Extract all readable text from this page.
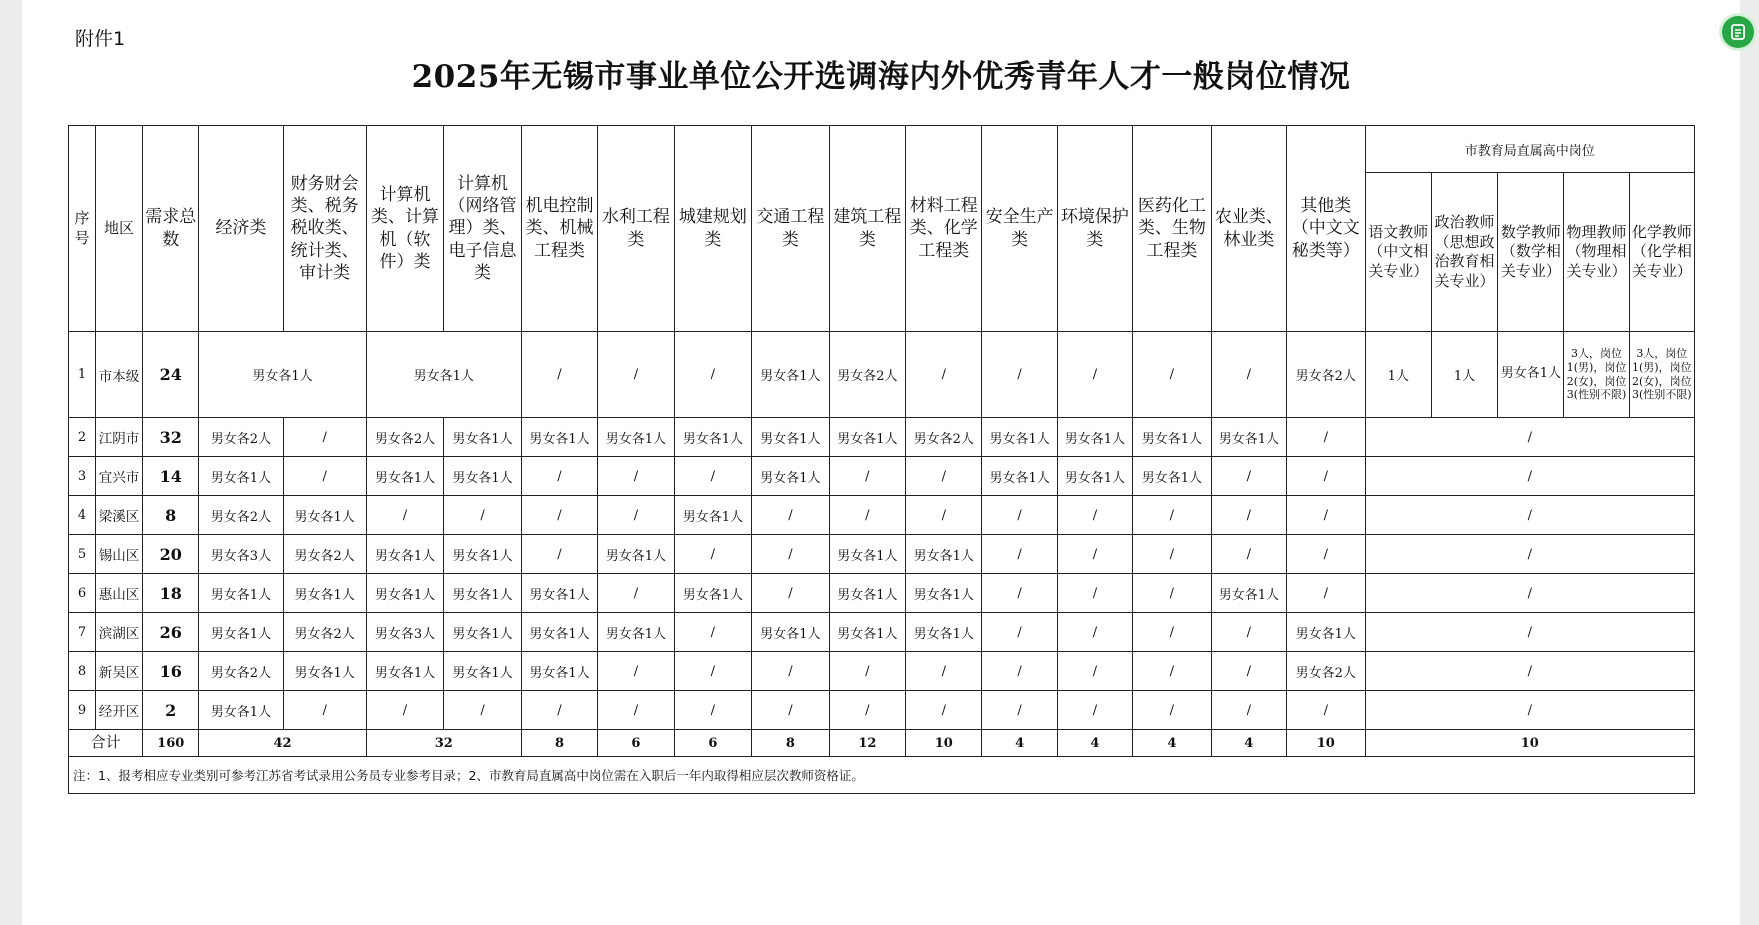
附件1
2025年无锡市事业单位公开选调海内外优秀青年人才一般岗位情况
序号	地区	需求总数	经济类	财务财会类、税务税收类、统计类、审计类	计算机类、计算机（软件）类	计算机（网络管理）类、电子信息类	机电控制类、机械工程类	水利工程类	城建规划类	交通工程类	建筑工程类	材料工程类、化学工程类	安全生产类	环境保护类	医药化工类、生物工程类	农业类、林业类	其他类（中文文秘类等）	市教育局直属高中岗位				
																		语文教师（中文相关专业）	政治教师（思想政治教育相关专业）	数学教师（数学相关专业）	物理教师（物理相关专业）	化学教师（化学相关专业）
1	市本级	24	男女各1人		男女各1人		/	/	/	男女各1人	男女各2人	/	/	/	/	/	男女各2人	1人	1人	男女各1人	3人，岗位1(男)，岗位2(女)，岗位3(性别不限)	3人，岗位1(男)，岗位2(女)，岗位3(性别不限)
2	江阴市	32	男女各2人	/	男女各2人	男女各1人	男女各1人	男女各1人	男女各1人	男女各1人	男女各1人	男女各2人	男女各1人	男女各1人	男女各1人	男女各1人	/	/				
3	宜兴市	14	男女各1人	/	男女各1人	男女各1人	/	/	/	男女各1人	/	/	男女各1人	男女各1人	男女各1人	/	/	/				
4	梁溪区	8	男女各2人	男女各1人	/	/	/	/	男女各1人	/	/	/	/	/	/	/	/	/				
5	锡山区	20	男女各3人	男女各2人	男女各1人	男女各1人	/	男女各1人	/	/	男女各1人	男女各1人	/	/	/	/	/	/				
6	惠山区	18	男女各1人	男女各1人	男女各1人	男女各1人	男女各1人	/	男女各1人	/	男女各1人	男女各1人	/	/	/	男女各1人	/	/				
7	滨湖区	26	男女各1人	男女各2人	男女各3人	男女各1人	男女各1人	男女各1人	/	男女各1人	男女各1人	男女各1人	/	/	/	/	男女各1人	/				
8	新吴区	16	男女各2人	男女各1人	男女各1人	男女各1人	男女各1人	/	/	/	/	/	/	/	/	/	男女各2人	/				
9	经开区	2	男女各1人	/	/	/	/	/	/	/	/	/	/	/	/	/	/	/				
合计		160	42		32		8	6	6	8	12	10	4	4	4	4	10	10				
注：1、报考相应专业类别可参考江苏省考试录用公务员专业参考目录；2、市教育局直属高中岗位需在入职后一年内取得相应层次教师资格证。																						
